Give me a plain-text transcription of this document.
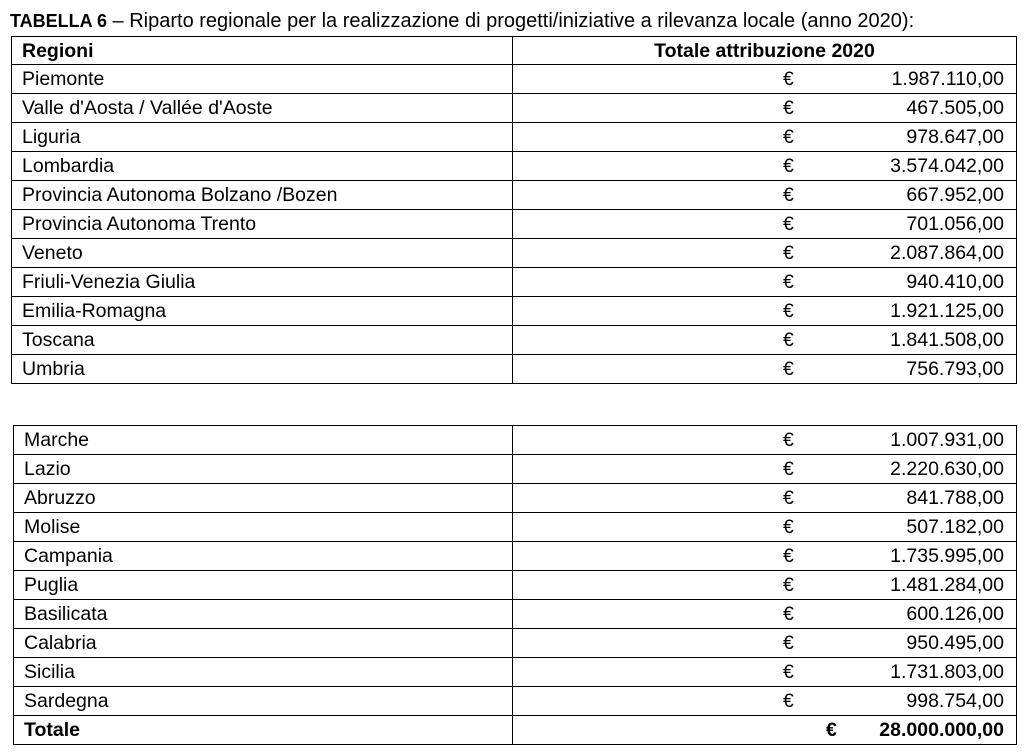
TABELLA 6 – Riparto regionale per la realizzazione di progetti/iniziative a rilevanza locale (anno 2020):
Regioni	Totale attribuzione 2020
Piemonte	€ 1.987.110,00

Valle d'Aosta / Vallée d'Aoste	€ 467.505,00

Liguria	€ 978.647,00

Lombardia	€ 3.574.042,00

Provincia Autonoma Bolzano /Bozen	€ 667.952,00

Provincia Autonoma Trento	€ 701.056,00

Veneto	€ 2.087.864,00

Friuli-Venezia Giulia	€ 940.410,00

Emilia-Romagna	€ 1.921.125,00

Toscana	€ 1.841.508,00

Umbria	€ 756.793,00
Marche	€ 1.007.931,00

Lazio	€ 2.220.630,00

Abruzzo	€ 841.788,00

Molise	€ 507.182,00

Campania	€ 1.735.995,00

Puglia	€ 1.481.284,00

Basilicata	€ 600.126,00

Calabria	€ 950.495,00

Sicilia	€ 1.731.803,00

Sardegna	€ 998.754,00

Totale	€ 28.000.000,00
